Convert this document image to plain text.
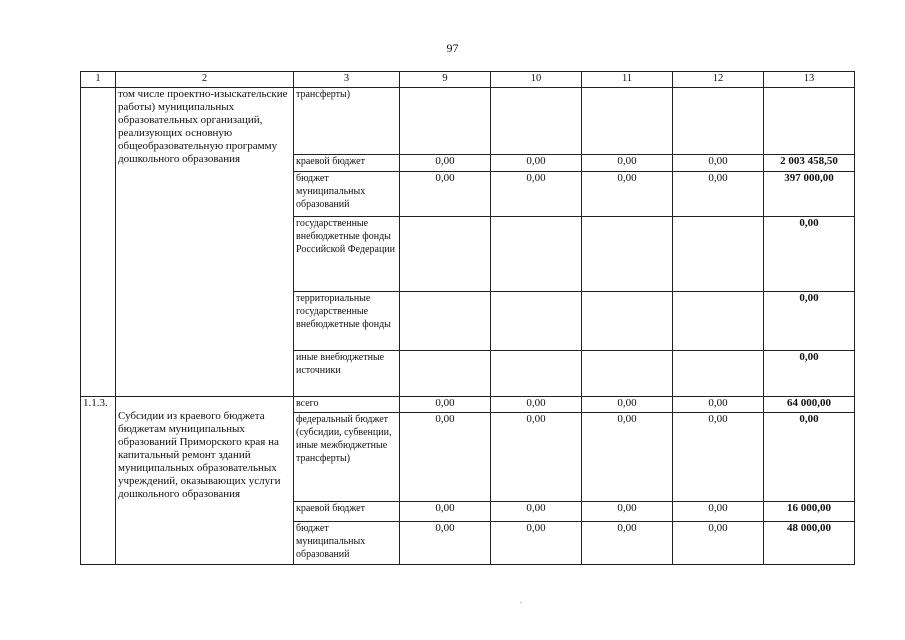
97
1	2	3	9	10	11	12	13
	том числе проектно-изыскательские работы) муниципальных образовательных организаций, реализующих основную общеобразовательную программу дошкольного образования	трансферты)					
		краевой бюджет	0,00	0,00	0,00	0,00	2 003 458,50
		бюджет муниципальных образований	0,00	0,00	0,00	0,00	397 000,00
		государственные внебюджетные фонды Российской Федерации					0,00
		территориальные государственные внебюджетные фонды					0,00
		иные внебюджетные источники					0,00
1.1.3.	Субсидии из краевого бюджета бюджетам муниципальных образований Приморского края на капитальный ремонт зданий муниципальных образовательных учреждений, оказывающих услуги дошкольного образования	всего	0,00	0,00	0,00	0,00	64 000,00
		федеральный бюджет (субсидии, субвенции, иные межбюджетные трансферты)	0,00	0,00	0,00	0,00	0,00
		краевой бюджет	0,00	0,00	0,00	0,00	16 000,00
		бюджет муниципальных образований	0,00	0,00	0,00	0,00	48 000,00
.
